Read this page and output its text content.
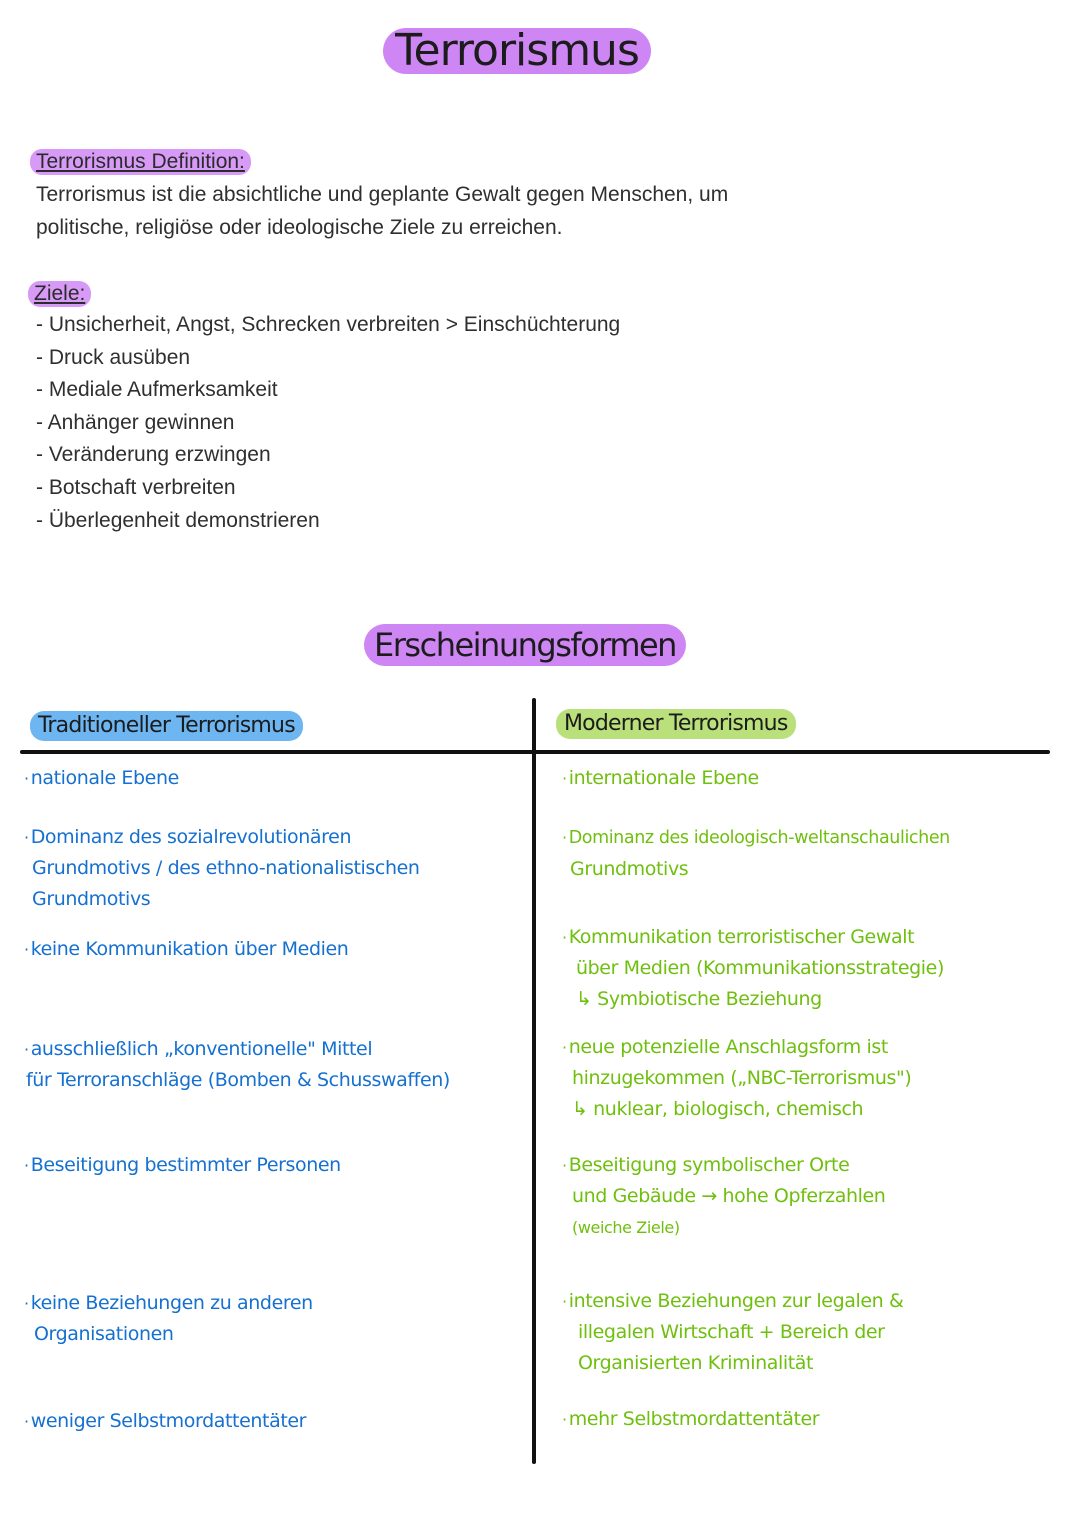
Terrorismus
Terrorismus Definition:
Terrorismus ist die absichtliche und geplante Gewalt gegen Menschen, um
politische, religiöse oder ideologische Ziele zu erreichen.
Ziele:
- Unsicherheit, Angst, Schrecken verbreiten > Einschüchterung
- Druck ausüben
- Mediale Aufmerksamkeit
- Anhänger gewinnen
- Veränderung erzwingen
- Botschaft verbreiten
- Überlegenheit demonstrieren
Erscheinungsformen
Traditioneller Terrorismus	Moderner Terrorismus
· nationale Ebene
· Dominanz des sozialrevolutionären
Grundmotivs / des ethno-nationalistischen
Grundmotivs
· keine Kommunikation über Medien
· ausschließlich „konventionelle" Mittel
für Terroranschläge (Bomben & Schusswaffen)
· Beseitigung bestimmter Personen
· keine Beziehungen zu anderen
Organisationen
· weniger Selbstmordattentäter
· internationale Ebene
· Dominanz des ideologisch-weltanschaulichen
Grundmotivs
· Kommunikation terroristischer Gewalt
über Medien (Kommunikationsstrategie)
↳ Symbiotische Beziehung
· neue potenzielle Anschlagsform ist
hinzugekommen („NBC-Terrorismus")
↳ nuklear, biologisch, chemisch
· Beseitigung symbolischer Orte
und Gebäude → hohe Opferzahlen
(weiche Ziele)
· intensive Beziehungen zur legalen &
illegalen Wirtschaft + Bereich der
Organisierten Kriminalität
· mehr Selbstmordattentäter
